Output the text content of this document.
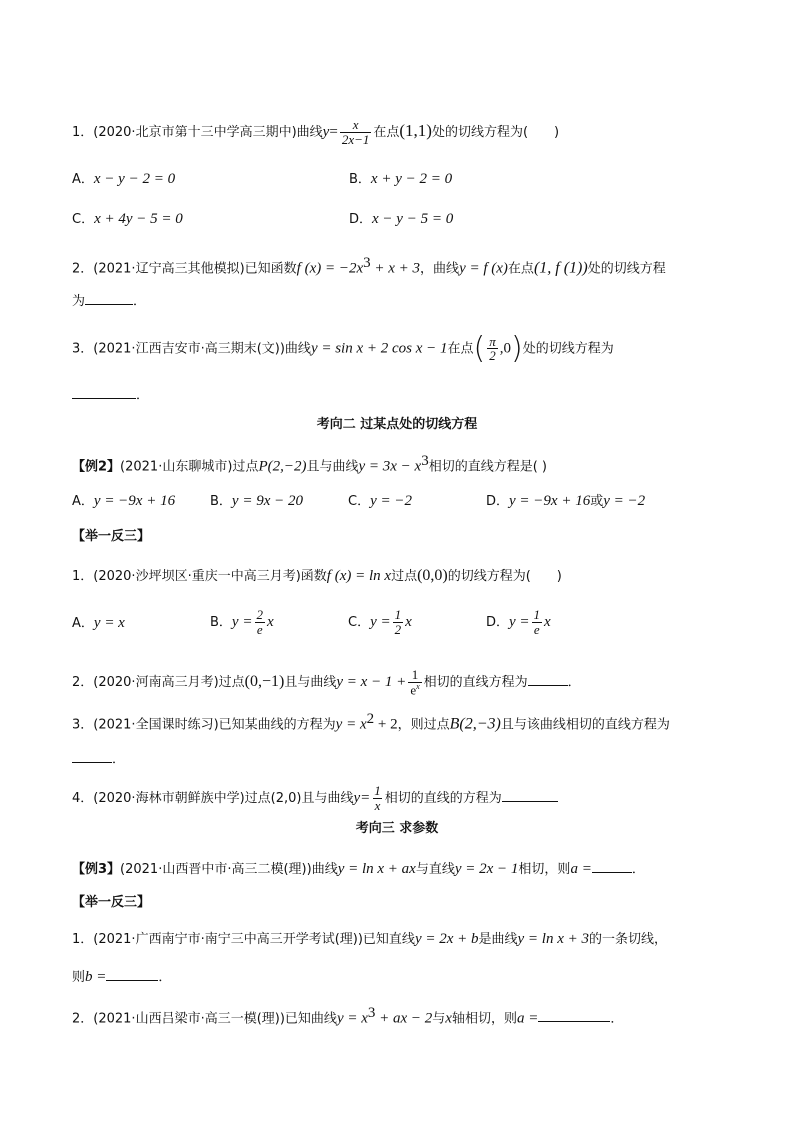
1．(2020·北京市第十三中学高三期中)曲线$y= \frac{x}{2x-1}$ 在点(1,1)处的切线方程为(　　)
A．x − y − 2 = 0	B．x + y − 2 = 0
C．x + 4y − 5 = 0	D．x − y − 5 = 0
2．(2021·辽宁高三其他模拟)已知函数f $(x) = -2x^3 + x + 3$，曲线y = f (x)在点(1, f (1))处的切线方程
为	．
3．(2021·江西吉安市·高三期末(文))曲线y = sin x + 2 cos x − 1在点( $\frac{\pi}{2} ,0$)处的切线方程为
．
考向二 过某点处的切线方程
【例2】(2021·山东聊城市)过点P(2,−2)且与曲线$y = 3x - x^3$相切的直线方程是( )
A．y = −9x + 16	B．y = 9x − 20	C．y = −2	D．y = −9x + 16或y = −2
【举一反三】
1．(2020·沙坪坝区·重庆一中高三月考)函数f (x) = ln x过点(0,0)的切线方程为(　　)
A．y = x	B．$y = \frac{2}{e}$ x	C．$y = \frac{1}{2}$ x	D．$y = \frac{1}{e}$ x
2．(2020·河南高三月考)过点(0,−1)且与曲线$y = x - 1 + \frac{1}{e^x}$ 相切的直线方程为	．
3．(2021·全国课时练习)已知某曲线的方程为$y = x^2 + 2$，则过点B(2,−3)且与该曲线相切的直线方程为
．
4．(2020·海林市朝鲜族中学)过点(2,0)且与曲线$y= \frac{1}{x}$ 相切的直线的方程为
考向三 求参数
【例3】(2021·山西晋中市·高三二模(理))曲线y = ln x + ax与直线y = 2x − 1相切，则a =	．
【举一反三】
1．(2021·广西南宁市·南宁三中高三开学考试(理))已知直线y = 2x + b是曲线y = ln x + 3的一条切线，
则b =	．
2．(2021·山西吕梁市·高三一模(理))已知曲线$y = x^3$ + ax − 2与x轴相切，则a =	．
